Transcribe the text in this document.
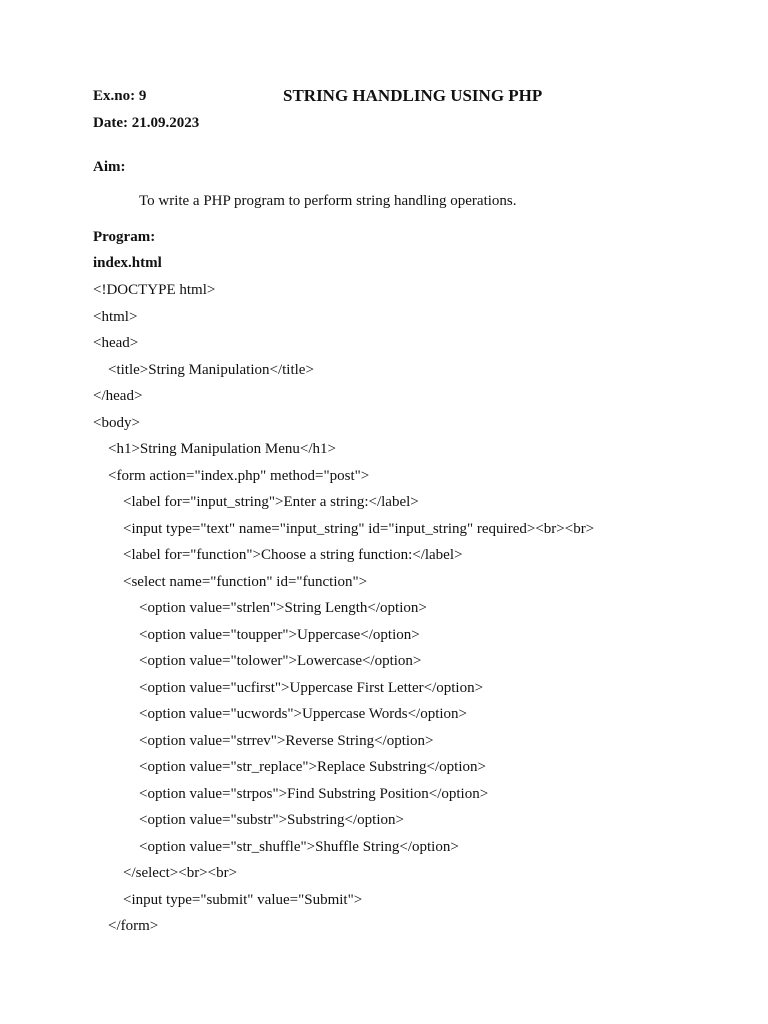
Ex.no: 9	STRING HANDLING USING PHP

Date: 21.09.2023

Aim:

To write a PHP program to perform string handling operations.

Program:

index.html

<!DOCTYPE html>
<html>
<head>
<title>String Manipulation</title>
</head>
<body>
<h1>String Manipulation Menu</h1>
<form action="index.php" method="post">
<label for="input_string">Enter a string:</label>
<input type="text" name="input_string" id="input_string" required><br><br>
<label for="function">Choose a string function:</label>
<select name="function" id="function">
<option value="strlen">String Length</option>
<option value="toupper">Uppercase</option>
<option value="tolower">Lowercase</option>
<option value="ucfirst">Uppercase First Letter</option>
<option value="ucwords">Uppercase Words</option>
<option value="strrev">Reverse String</option>
<option value="str_replace">Replace Substring</option>
<option value="strpos">Find Substring Position</option>
<option value="substr">Substring</option>
<option value="str_shuffle">Shuffle String</option>
</select><br><br>
<input type="submit" value="Submit">
</form>
